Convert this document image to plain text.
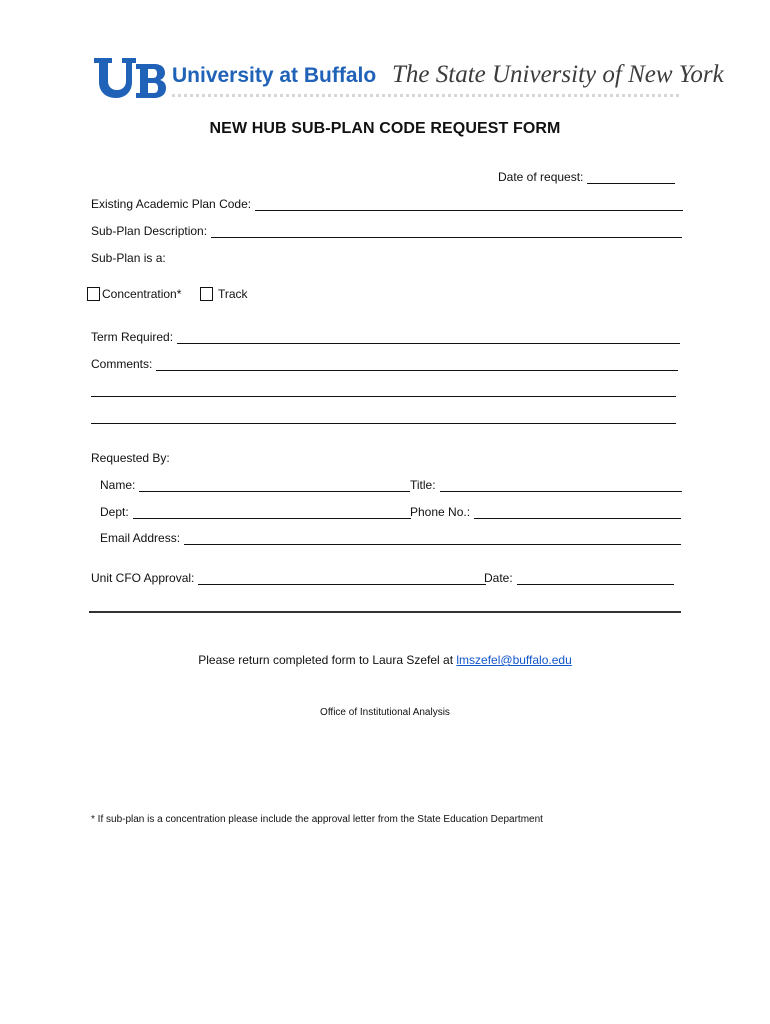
University at Buffalo The State University of New York
NEW HUB SUB-PLAN CODE REQUEST FORM
Date of request:
Existing Academic Plan Code:
Sub-Plan Description:
Sub-Plan is a:
Concentration*	Track
Term Required:
Comments:
Requested By:
Name:	Title:
Dept:	Phone No.:
Email Address:
Unit CFO Approval:	Date:
Please return completed form to Laura Szefel at lmszefel@buffalo.edu
Office of Institutional Analysis
* If sub-plan is a concentration please include the approval letter from the State Education Department
